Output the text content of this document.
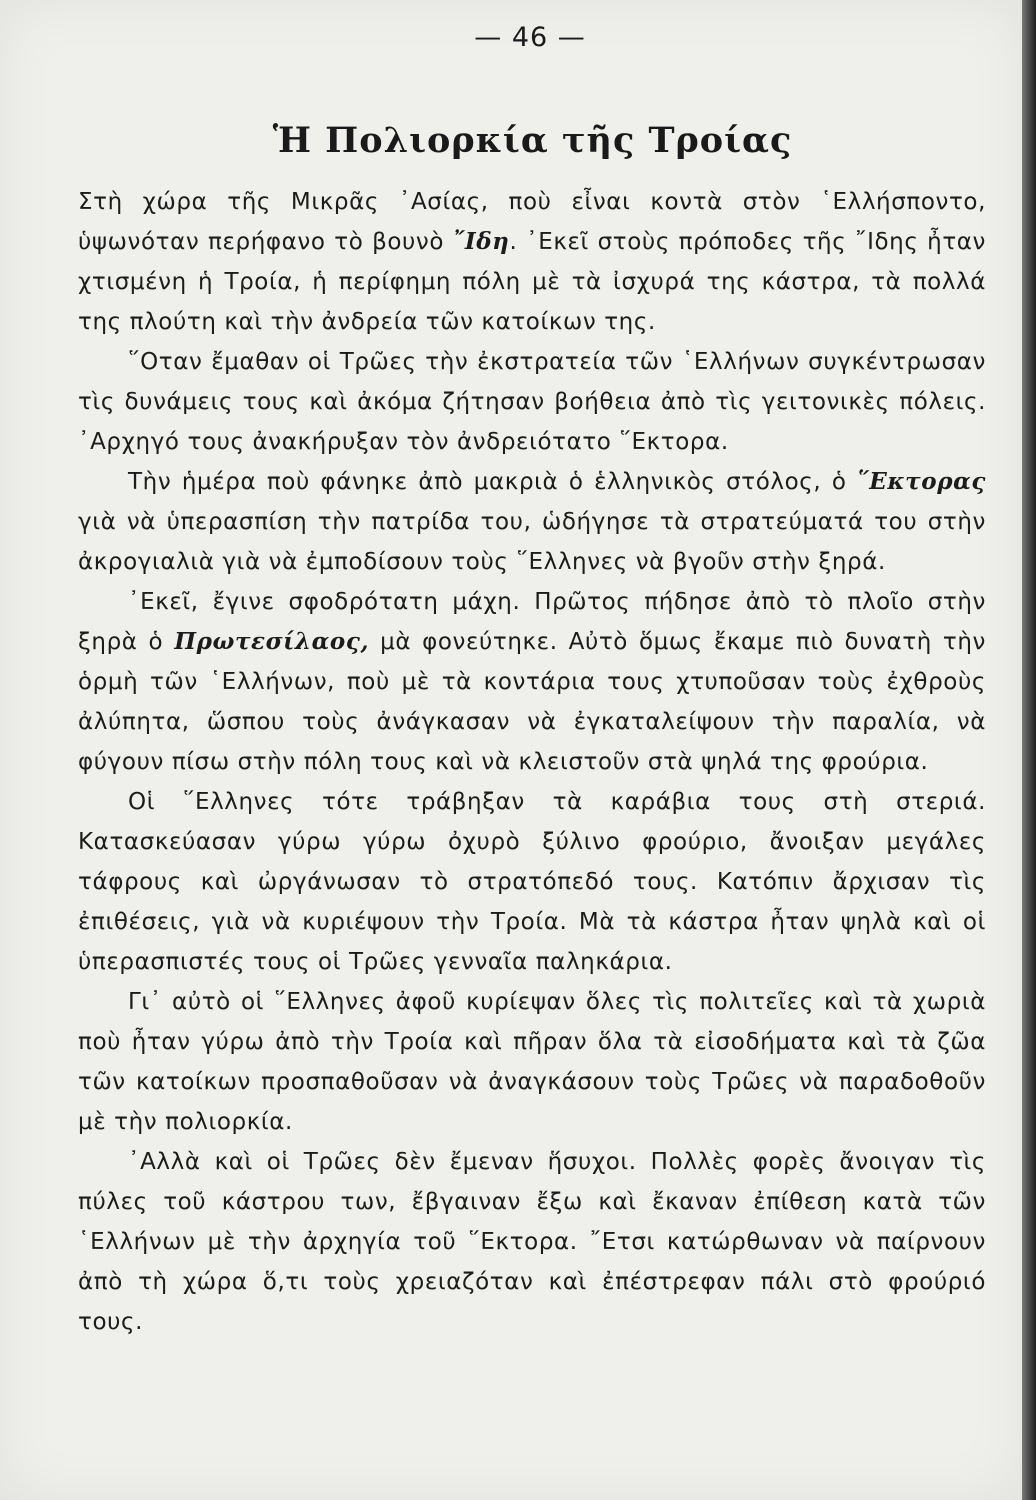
— 46 —
Ἡ Πολιορκία τῆς Τροίας

Στὴ χώρα τῆς Μικρᾶς ᾿Ασίας, ποὺ εἶναι κοντὰ στὸν ῾Ελλήσποντο, ὑψωνόταν περήφανο τὸ βουνὸ ῎Ιδη. ᾿Εκεῖ στοὺς πρόποδες τῆς ῎Ιδης ἦταν χτισμένη ἡ Τροία, ἡ περίφημη πόλη μὲ τὰ ἰσχυρά της κάστρα, τὰ πολλά της πλούτη καὶ τὴν ἀνδρεία τῶν κατοίκων της.

῞Οταν ἔμαθαν οἱ Τρῶες τὴν ἐκστρατεία τῶν ῾Ελλήνων συγκέντρωσαν τὶς δυνάμεις τους καὶ ἀκόμα ζήτησαν βοήθεια ἀπὸ τὶς γειτονικὲς πόλεις. ᾿Αρχηγό τους ἀνακήρυξαν τὸν ἀνδρειότατο ῞Εκτορα.

Τὴν ἡμέρα ποὺ φάνηκε ἀπὸ μακριὰ ὁ ἑλληνικὸς στόλος, ὁ ῞Εκτορας γιὰ νὰ ὑπερασπίση τὴν πατρίδα του, ὡδήγησε τὰ στρατεύματά του στὴν ἀκρογιαλιὰ γιὰ νὰ ἐμποδίσουν τοὺς ῞Ελληνες νὰ βγοῦν στὴν ξηρά.

᾿Εκεῖ, ἔγινε σφοδρότατη μάχη. Πρῶτος πήδησε ἀπὸ τὸ πλοῖο στὴν ξηρὰ ὁ Πρωτεσίλαος, μὰ φονεύτηκε. Αὐτὸ ὅμως ἔκαμε πιὸ δυνατὴ τὴν ὁρμὴ τῶν ῾Ελλήνων, ποὺ μὲ τὰ κοντάρια τους χτυποῦσαν τοὺς ἐχθροὺς ἀλύπητα, ὥσπου τοὺς ἀνάγκασαν νὰ ἐγκαταλείψουν τὴν παραλία, νὰ φύγουν πίσω στὴν πόλη τους καὶ νὰ κλειστοῦν στὰ ψηλά της φρούρια.

Οἱ ῞Ελληνες τότε τράβηξαν τὰ καράβια τους στὴ στεριά. Κατασκεύασαν γύρω γύρω ὀχυρὸ ξύλινο φρούριο, ἄνοιξαν μεγάλες τάφρους καὶ ὠργάνωσαν τὸ στρατόπεδό τους. Κατόπιν ἄρχισαν τὶς ἐπιθέσεις, γιὰ νὰ κυριέψουν τὴν Τροία. Μὰ τὰ κάστρα ἦταν ψηλὰ καὶ οἱ ὑπερασπιστές τους οἱ Τρῶες γενναῖα παληκάρια.

Γι᾿ αὐτὸ οἱ ῞Ελληνες ἀφοῦ κυρίεψαν ὅλες τὶς πολιτεῖες καὶ τὰ χωριὰ ποὺ ἦταν γύρω ἀπὸ τὴν Τροία καὶ πῆραν ὅλα τὰ εἰσοδήματα καὶ τὰ ζῶα τῶν κατοίκων προσπαθοῦσαν νὰ ἀναγκάσουν τοὺς Τρῶες νὰ παραδοθοῦν μὲ τὴν πολιορκία.

᾿Αλλὰ καὶ οἱ Τρῶες δὲν ἔμεναν ἥσυχοι. Πολλὲς φορὲς ἄνοιγαν τὶς πύλες τοῦ κάστρου των, ἔβγαιναν ἔξω καὶ ἔκαναν ἐπίθεση κατὰ τῶν ῾Ελλήνων μὲ τὴν ἀρχηγία τοῦ ῞Εκτορα. ῎Ετσι κατώρθωναν νὰ παίρνουν ἀπὸ τὴ χώρα ὅ,τι τοὺς χρειαζόταν καὶ ἐπέστρεφαν πάλι στὸ φρούριό τους.
